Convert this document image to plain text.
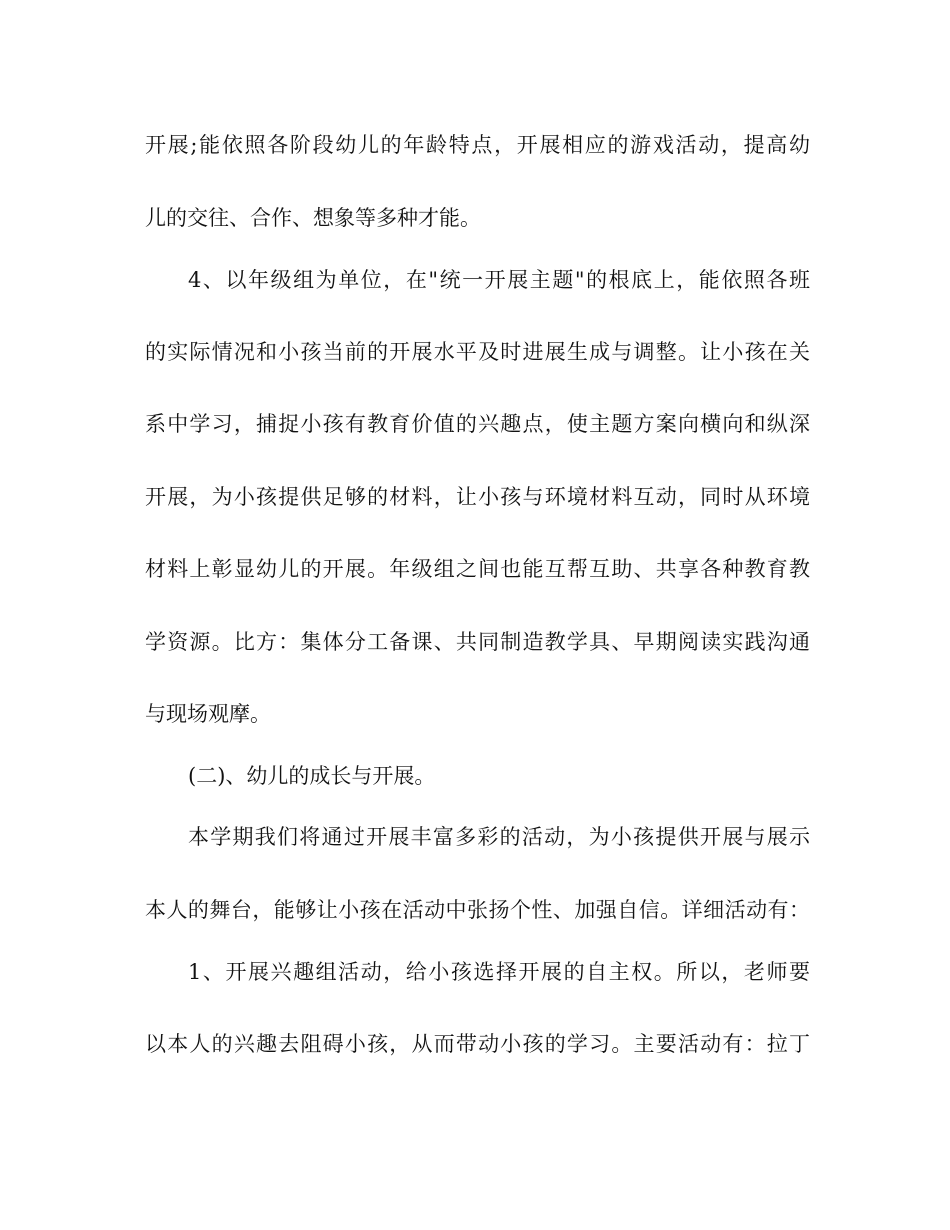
开展;能依照各阶段幼儿的年龄特点，开展相应的游戏活动，提高幼
儿的交往、合作、想象等多种才能。
4、以年级组为单位，在"统一开展主题"的根底上，能依照各班
的实际情况和小孩当前的开展水平及时进展生成与调整。让小孩在关
系中学习，捕捉小孩有教育价值的兴趣点，使主题方案向横向和纵深
开展，为小孩提供足够的材料，让小孩与环境材料互动，同时从环境
材料上彰显幼儿的开展。年级组之间也能互帮互助、共享各种教育教
学资源。比方：集体分工备课、共同制造教学具、早期阅读实践沟通
与现场观摩。
(二)、幼儿的成长与开展。
本学期我们将通过开展丰富多彩的活动，为小孩提供开展与展示
本人的舞台，能够让小孩在活动中张扬个性、加强自信。详细活动有：
1、开展兴趣组活动，给小孩选择开展的自主权。所以，老师要
以本人的兴趣去阻碍小孩，从而带动小孩的学习。主要活动有：拉丁
